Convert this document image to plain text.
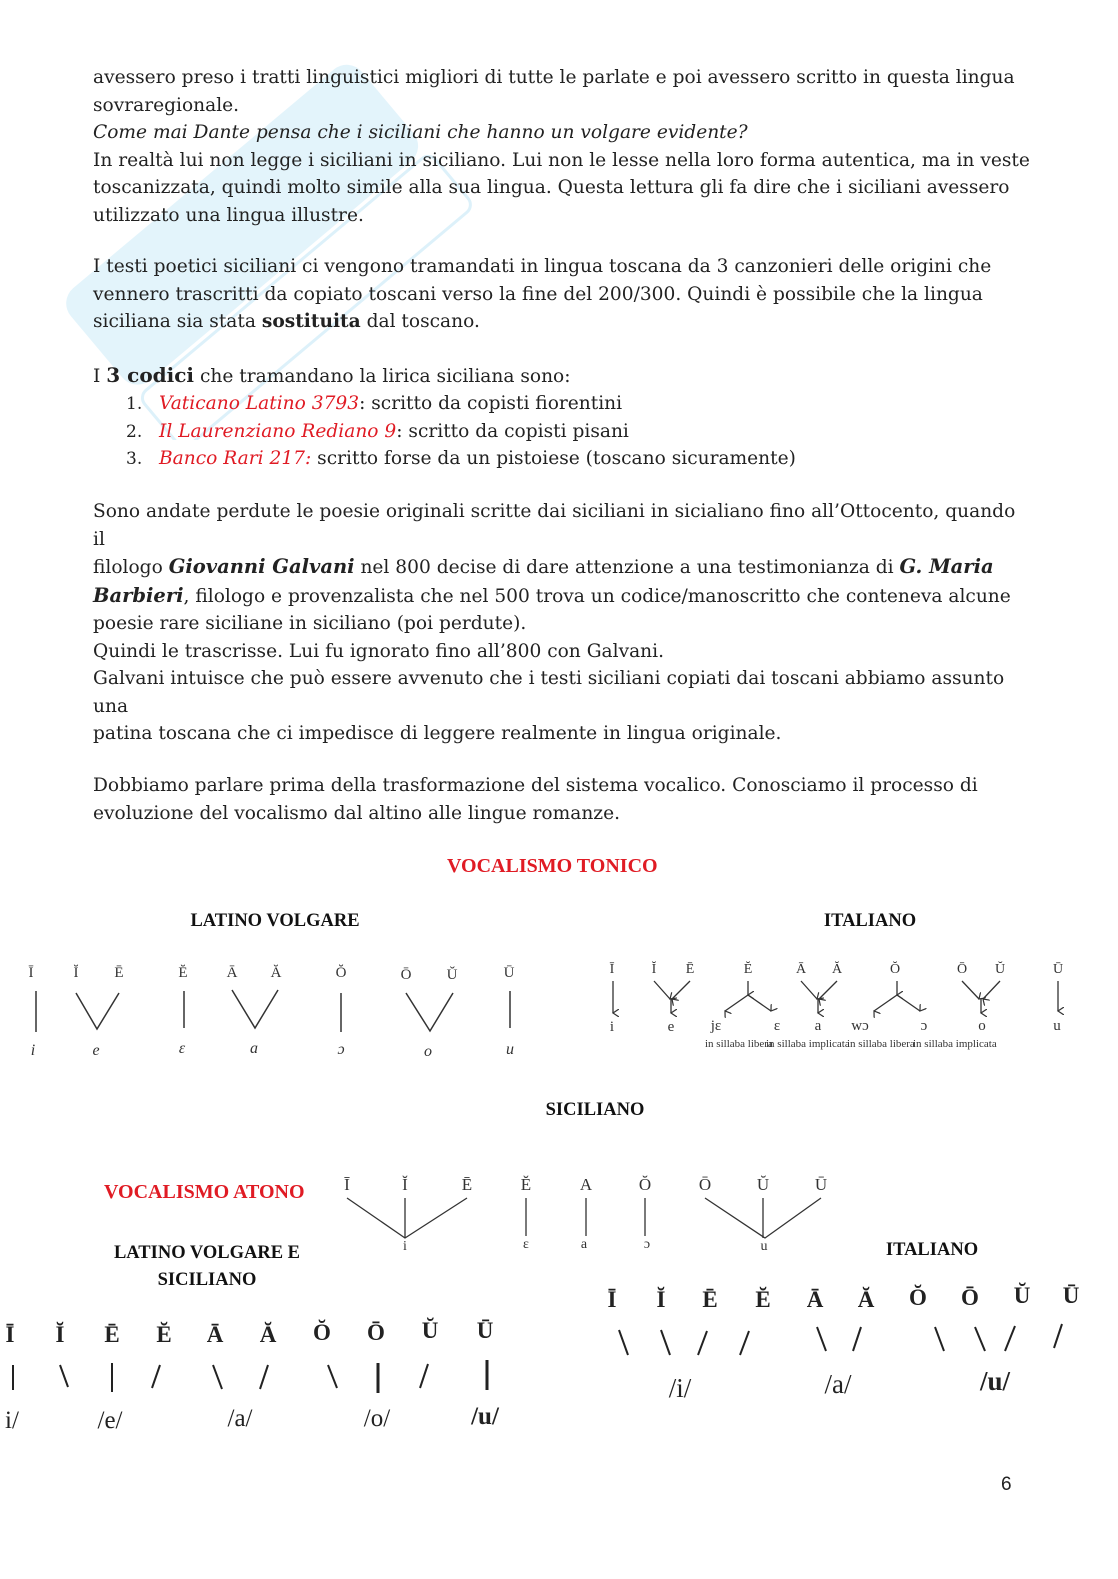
avessero preso i tratti linguistici migliori di tutte le parlate e poi avessero scritto in questa lingua
sovraregionale.
Come mai Dante pensa che i siciliani che hanno un volgare evidente?
In realtà lui non legge i siciliani in siciliano. Lui non le lesse nella loro forma autentica, ma in veste
toscanizzata, quindi molto simile alla sua lingua. Questa lettura gli fa dire che i siciliani avessero
utilizzato una lingua illustre.

I testi poetici siciliani ci vengono tramandati in lingua toscana da 3 canzonieri delle origini che
vennero trascritti da copiato toscani verso la fine del 200/300. Quindi è possibile che la lingua
siciliana sia stata sostituita dal toscano.

I 3 codici che tramandano la lirica siciliana sono:

1. Vaticano Latino 3793: scritto da copisti fiorentini
2. Il Laurenziano Rediano 9: scritto da copisti pisani
3. Banco Rari 217: scritto forse da un pistoiese (toscano sicuramente)

Sono andate perdute le poesie originali scritte dai siciliani in sicialiano fino all’Ottocento, quando il
filologo Giovanni Galvani nel 800 decise di dare attenzione a una testimonianza di G. Maria
Barbieri, filologo e provenzalista che nel 500 trova un codice/manoscritto che conteneva alcune
poesie rare siciliane in siciliano (poi perdute).
Quindi le trascrisse. Lui fu ignorato fino all’800 con Galvani.

Galvani intuisce che può essere avvenuto che i testi siciliani copiati dai toscani abbiamo assunto una
patina toscana che ci impedisce di leggere realmente in lingua originale.

Dobbiamo parlare prima della trasformazione del sistema vocalico. Conosciamo il processo di
evoluzione del vocalismo dal altino alle lingue romanze.

VOCALISMO TONICO
LATINO VOLGARE	ITALIANO
SICILIANO
VOCALISMO ATONO
LATINO VOLGARE E
SICILIANO
ITALIANO
Ī	Ĭ Ē	Ĕ	Ā Ă	Ŏ	Ō Ŭ	Ū
i	e	ɛ	a	ɔ	o	u
Ī	Ĭ Ē	Ĕ	Ā Ă	Ŏ	Ō Ŭ	Ū
i	e jɛ	ɛ a wɔ	ɔ	o	u
in sillaba libera
in sillaba implicata
in sillaba libera
in sillaba implicata
Ī	Ĭ	Ē	Ĕ	A	Ŏ	Ō	Ŭ	Ū
i	ɛ	a	ɔ	u
Ī Ĭ Ē Ĕ Ā Ă Ŏ Ō Ŭ Ū
i/	/e/	/a/	/o/	/u/
Ī Ĭ Ē Ĕ Ā Ă Ŏ Ō Ŭ Ū
/i/	/a/	/u/
6
